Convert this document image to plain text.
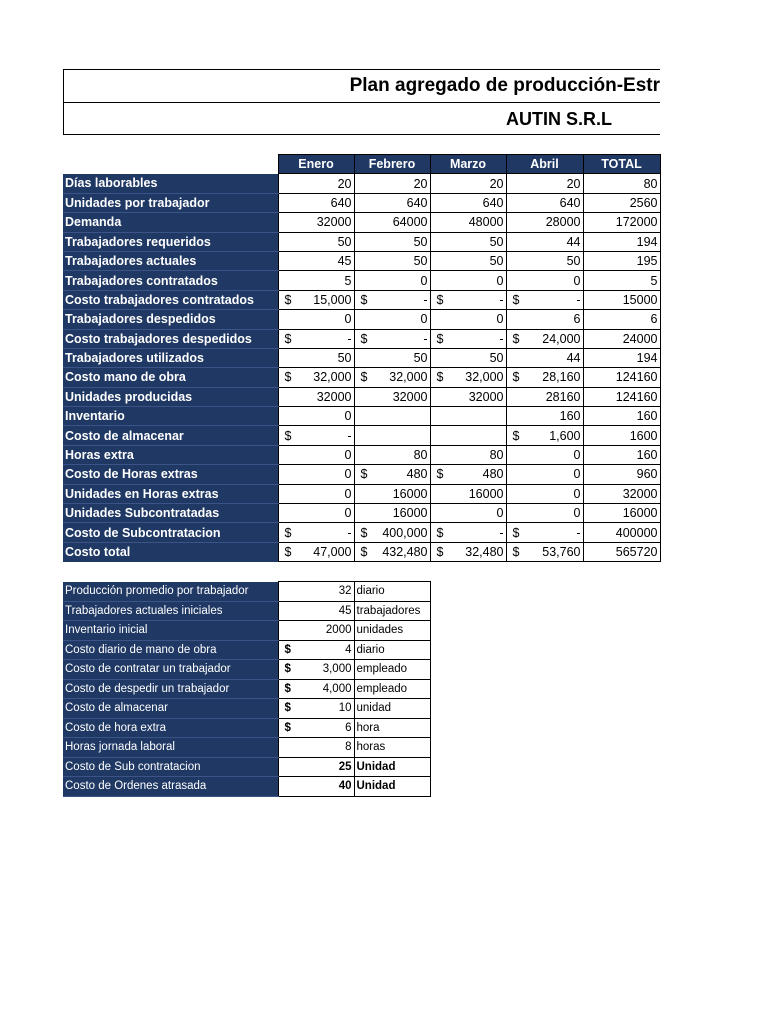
Plan agregado de producción-Estr
AUTIN S.R.L
	Enero	Febrero	Marzo	Abril	TOTAL
Días laborables	20	20	20	20	80
Unidades por trabajador	640	640	640	640	2560
Demanda	32000	64000	48000	28000	172000
Trabajadores requeridos	50	50	50	44	194
Trabajadores actuales	45	50	50	50	195
Trabajadores contratados	5	0	0	0	5
Costo trabajadores contratados	$ 15,000	$ -	$ -	$ -	15000
Trabajadores despedidos	0	0	0	6	6
Costo trabajadores despedidos	$ -	$ -	$ -	$ 24,000	24000
Trabajadores utilizados	50	50	50	44	194
Costo mano de obra	$ 32,000	$ 32,000	$ 32,000	$ 28,160	124160
Unidades producidas	32000	32000	32000	28160	124160
Inventario	0			160	160
Costo de almacenar	$ -			$ 1,600	1600
Horas extra	0	80	80	0	160
Costo de Horas extras	0	$ 480	$ 480	0	960
Unidades en Horas extras	0	16000	16000	0	32000
Unidades Subcontratadas	0	16000	0	0	16000
Costo de Subcontratacion	$ -	$ 400,000	$ -	$ -	400000
Costo total	$ 47,000	$ 432,480	$ 32,480	$ 53,760	565720
Producción promedio por trabajador	32	diario
Trabajadores actuales iniciales	45	trabajadores
Inventario inicial	2000	unidades
Costo diario de mano de obra	$ 4	diario
Costo de contratar un trabajador	$ 3,000	empleado
Costo de despedir un trabajador	$ 4,000	empleado
Costo de almacenar	$ 10	unidad
Costo de hora extra	$ 6	hora
Horas jornada laboral	8	horas
Costo de Sub contratacion	25	Unidad
Costo de Ordenes atrasada	40	Unidad
